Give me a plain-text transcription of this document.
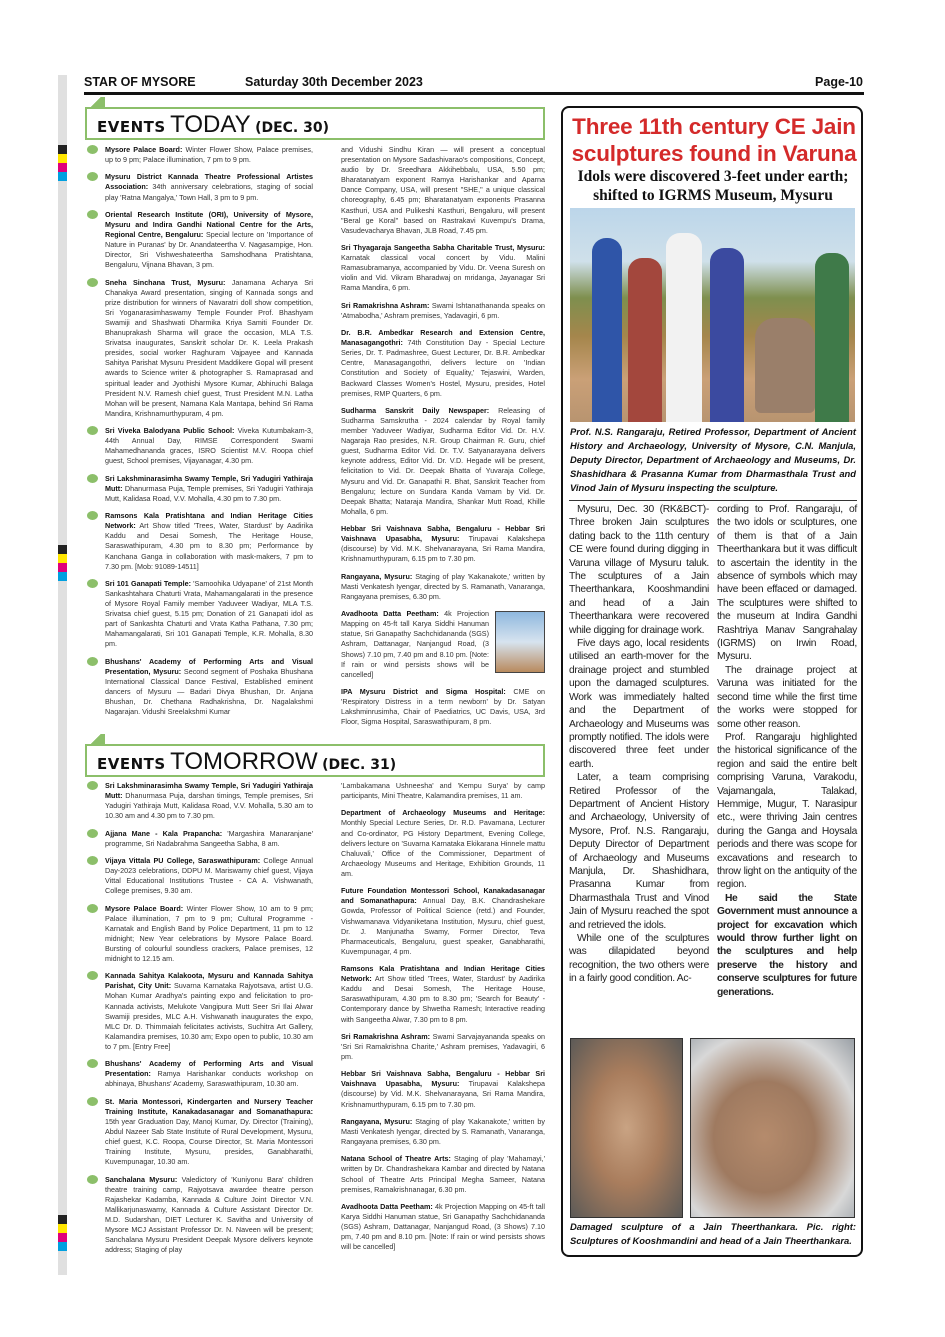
STAR OF MYSORE	Saturday 30th December 2023	Page-10
EVENTS TODAY (DEC. 30)
Mysore Palace Board: Winter Flower Show, Palace premises, up to 9 pm; Palace illumination, 7 pm to 9 pm.
Mysuru District Kannada Theatre Professional Artistes Association: 34th anniversary celebrations, staging of social play 'Ratna Mangalya,' Town Hall, 3 pm to 9 pm.
Oriental Research Institute (ORI), University of Mysore, Mysuru and Indira Gandhi National Centre for the Arts, Regional Centre, Bengaluru: Special lecture on 'Importance of Nature in Puranas' by Dr. Anandateertha V. Nagasampige, Hon. Director, Sri Vishweshateertha Samshodhana Pratishtana, Bengaluru, Vijnana Bhavan, 3 pm.
Sneha Sinchana Trust, Mysuru: Janamana Acharya Sri Chanakya Award presentation, singing of Kannada songs and prize distribution for winners of Navaratri doll show competition, Sri Yoganarasimhaswamy Temple Founder Prof. Bhashyam Swamiji and Shashwati Dharmika Kriya Samiti Founder Dr. Bhanuprakash Sharma will grace the occasion, MLA T.S. Srivatsa inaugurates, Sanskrit scholar Dr. K. Leela Prakash presides, social worker Raghuram Vajpayee and Kannada Sahitya Parishat Mysuru President Maddikere Gopal will present awards to Science writer & photographer S. Ramaprasad and spiritual leader and Jyothishi Mysore Kumar, Abhiruchi Balaga President N.V. Ramesh chief guest, Trust President M.N. Latha Mohan will be present, Namana Kala Mantapa, behind Sri Rama Mandira, Krishnamurthypuram, 4 pm.
Sri Viveka Balodyana Public School: Viveka Kutumbakam-3, 44th Annual Day, RIMSE Correspondent Swami Mahamedhananda graces, ISRO Scientist M.V. Roopa chief guest, School premises, Vijayanagar, 4.30 pm.
Sri Lakshminarasimha Swamy Temple, Sri Yadugiri Yathiraja Mutt: Dhanurmasa Puja, Temple premises, Sri Yadugiri Yathiraja Mutt, Kalidasa Road, V.V. Mohalla, 4.30 pm to 7.30 pm.
Ramsons Kala Pratishtana and Indian Heritage Cities Network: Art Show titled 'Trees, Water, Stardust' by Aadirika Kaddu and Desai Somesh, The Heritage House, Saraswathipuram, 4.30 pm to 8.30 pm; Performance by Kanchana Ganga in collaboration with mask-makers, 7 pm to 7.30 pm. [Mob: 91089-14511]
Sri 101 Ganapati Temple: 'Samoohika Udyapane' of 21st Month Sankashtahara Chaturti Vrata, Mahamangalarati in the presence of Mysore Royal Family member Yaduveer Wadiyar, MLA T.S. Srivatsa chief guest, 5.15 pm; Donation of 21 Ganapati idol as part of Sankashta Chaturti and Vrata Katha Pathana, 7.30 pm; Mahamangalarati, Sri 101 Ganapati Temple, K.R. Mohalla, 8.30 pm.
Bhushans' Academy of Performing Arts and Visual Presentation, Mysuru: Second segment of Poshaka Bhushana International Classical Dance Festival, Established eminent dancers of Mysuru — Badari Divya Bhushan, Dr. Anjana Bhushan, Dr. Chethana Radhakrishna, Dr. Nagalakshmi Nagarajan. Vidushi Sreelakshmi Kumar
and Vidushi Sindhu Kiran — will present a conceptual presentation on Mysore Sadashivarao's compositions, Concept, audio by Dr. Sreedhara Akkihebbalu, USA, 5.50 pm; Bharatanatyam exponent Ramya Harishankar and Aparna Dance Company, USA, will present "SHE," a unique classical choreography, 6.45 pm; Bharatanatyam exponents Prasanna Kasthuri, USA and Pulikeshi Kasthuri, Bengaluru, will present "Beral ge Koral" based on Rastrakavi Kuvempu's Drama, Vasudevacharya Bhavan, JLB Road, 7.45 pm.
Sri Thyagaraja Sangeetha Sabha Charitable Trust, Mysuru: Karnatak classical vocal concert by Vidu. Malini Ramasubramanya, accompanied by Vidu. Dr. Veena Suresh on violin and Vid. Vikram Bharadwaj on mridanga, Jayanagar Sri Rama Mandira, 6 pm.
Sri Ramakrishna Ashram: Swami Ishtanathananda speaks on 'Atmabodha,' Ashram premises, Yadavagiri, 6 pm.
Dr. B.R. Ambedkar Research and Extension Centre, Manasagangothri: 74th Constitution Day - Special Lecture Series, Dr. T. Padmashree, Guest Lecturer, Dr. B.R. Ambedkar Centre, Manasagangothri, delivers lecture on 'Indian Constitution and Society of Equality,' Tejaswini, Warden, Backward Classes Women's Hostel, Mysuru, presides, Hotel premises, RMP Quarters, 6 pm.
Sudharma Sanskrit Daily Newspaper: Releasing of Sudharma Samskrutha - 2024 calendar by Royal family member Yaduveer Wadiyar, Sudharma Editor Vid. Dr. H.V. Nagaraja Rao presides, N.R. Group Chairman R. Guru, chief guest, Sudharma Editor Vid. Dr. T.V. Satyanarayana delivers keynote address, Editor Vid. Dr. V.D. Hegade will be present, felicitation to Vid. Dr. Deepak Bhatta of Yuvaraja College, Mysuru and Vid. Dr. Ganapathi R. Bhat, Sanskrit Teacher from Bengaluru; lecture on Sundara Kanda Varnam by Vid. Dr. Deepak Bhatta; Nataraja Mandira, Shankar Mutt Road, Khille Mohalla, 6 pm.
Hebbar Sri Vaishnava Sabha, Bengaluru - Hebbar Sri Vaishnava Upasabha, Mysuru: Tirupavai Kalakshepa (discourse) by Vid. M.K. Shelvanarayana, Sri Rama Mandira, Krishnamurthypuram, 6.15 pm to 7.30 pm.
Rangayana, Mysuru: Staging of play 'Kakanakote,' written by Masti Venkatesh Iyengar, directed by S. Ramanath, Vanaranga, Rangayana premises, 6.30 pm.
Avadhoota Datta Peetham: 4k Projection Mapping on 45-ft tall Karya Siddhi Hanuman statue, Sri Ganapathy Sachchidananda (SGS) Ashram, Dattanagar, Nanjangud Road, (3 Shows) 7.10 pm, 7.40 pm and 8.10 pm. [Note: If rain or wind persists shows will be cancelled]
IPA Mysuru District and Sigma Hospital: CME on 'Respiratory Distress in a term newborn' by Dr. Satyan Lakshminrusimha, Chair of Paediatrics, UC Davis, USA, 3rd Floor, Sigma Hospital, Saraswathipuram, 8 pm.
EVENTS TOMORROW (DEC. 31)
Sri Lakshminarasimha Swamy Temple, Sri Yadugiri Yathiraja Mutt: Dhanurmasa Puja, darshan timings, Temple premises, Sri Yadugiri Yathiraja Mutt, Kalidasa Road, V.V. Mohalla, 5.30 am to 10.30 am and 4.30 pm to 7.30 pm.
Ajjana Mane - Kala Prapancha: 'Margashira Manaranjane' programme, Sri Nadabrahma Sangeetha Sabha, 8 am.
Vijaya Vittala PU College, Saraswathipuram: College Annual Day-2023 celebrations, DDPU M. Mariswamy chief guest, Vijaya Vittal Educational Institutions Trustee - CA A. Vishwanath, College premises, 9.30 am.
Mysore Palace Board: Winter Flower Show, 10 am to 9 pm; Palace illumination, 7 pm to 9 pm; Cultural Programme - Karnatak and English Band by Police Department, 11 pm to 12 midnight; New Year celebrations by Mysore Palace Board. Bursting of colourful soundless crackers, Palace premises, 12 midnight to 12.15 am.
Kannada Sahitya Kalakoota, Mysuru and Kannada Sahitya Parishat, City Unit: Suvarna Karnataka Rajyotsava, artist U.G. Mohan Kumar Aradhya's painting expo and felicitation to pro-Kannada activists, Melukote Vangipura Mutt Seer Sri Ilai Alwar Swamiji presides, MLC A.H. Vishwanath inaugurates the expo, MLC Dr. D. Thimmaiah felicitates activists, Suchitra Art Gallery, Kalamandira premises, 10.30 am; Expo open to public, 10.30 am to 7 pm. [Entry Free]
Bhushans' Academy of Performing Arts and Visual Presentation: Ramya Harishankar conducts workshop on abhinaya, Bhushans' Academy, Saraswathipuram, 10.30 am.
St. Maria Montessori, Kindergarten and Nursery Teacher Training Institute, Kanakadasanagar and Somanathapura: 15th year Graduation Day, Manoj Kumar, Dy. Director (Training), Abdul Nazeer Sab State Institute of Rural Development, Mysuru, chief guest, K.C. Roopa, Course Director, St. Maria Montessori Training Institute, Mysuru, presides, Ganabharathi, Kuvempunagar, 10.30 am.
Sanchalana Mysuru: Valedictory of 'Kuniyonu Bara' children theatre training camp, Rajyotsava awardee theatre person Rajashekar Kadamba, Kannada & Culture Joint Director V.N. Mallikarjunaswamy, Kannada & Culture Assistant Director Dr. M.D. Sudarshan, DIET Lecturer K. Savitha and University of Mysore MCJ Assistant Professor Dr. N. Naveen will be present; Sanchalana Mysuru President Deepak Mysore delivers keynote address; Staging of play
'Lambakamana Ushneesha' and 'Kempu Surya' by camp participants, Mini Theatre, Kalamandira premises, 11 am.
Department of Archaeology Museums and Heritage: Monthly Special Lecture Series, Dr. R.D. Pavamana, Lecturer and Co-ordinator, PG History Department, Evening College, delivers lecture on 'Suvarna Karnataka Ekikarana Hinnele mattu Chaluvali,' Office of the Commissioner, Department of Archaeology Museums and Heritage, Exhibition Grounds, 11 am.
Future Foundation Montessori School, Kanakadasanagar and Somanathapura: Annual Day, B.K. Chandrashekare Gowda, Professor of Political Science (retd.) and Founder, Vishwamanava Vidyaniketana Institution, Mysuru, chief guest, Dr. J. Manjunatha Swamy, Former Director, Teva Pharmaceuticals, Bengaluru, guest speaker, Ganabharathi, Kuvempunagar, 4 pm.
Ramsons Kala Pratishtana and Indian Heritage Cities Network: Art Show titled 'Trees, Water, Stardust' by Aadirika Kaddu and Desai Somesh, The Heritage House, Saraswathipuram, 4.30 pm to 8.30 pm; 'Search for Beauty' - Contemporary dance by Shwetha Ramesh; Interactive reading with Sangeetha Alwar, 7.30 pm to 8 pm.
Sri Ramakrishna Ashram: Swami Sarvajayananda speaks on 'Sri Sri Ramakrishna Charite,' Ashram premises, Yadavagiri, 6 pm.
Hebbar Sri Vaishnava Sabha, Bengaluru - Hebbar Sri Vaishnava Upasabha, Mysuru: Tirupavai Kalakshepa (discourse) by Vid. M.K. Shelvanarayana, Sri Rama Mandira, Krishnamurthypuram, 6.15 pm to 7.30 pm.
Rangayana, Mysuru: Staging of play 'Kakanakote,' written by Masti Venkatesh Iyengar, directed by S. Ramanath, Vanaranga, Rangayana premises, 6.30 pm.
Natana School of Theatre Arts: Staging of play 'Mahamayi,' written by Dr. Chandrashekara Kambar and directed by Natana School of Theatre Arts Principal Megha Sameer, Natana premises, Ramakrishnanagar, 6.30 pm.
Avadhoota Datta Peetham: 4k Projection Mapping on 45-ft tall Karya Siddhi Hanuman statue, Sri Ganapathy Sachchidananda (SGS) Ashram, Dattanagar, Nanjangud Road, (3 Shows) 7.10 pm, 7.40 pm and 8.10 pm. [Note: If rain or wind persists shows will be cancelled]
Three 11th century CE Jain sculptures found in Varuna
Idols were discovered 3-feet under earth; shifted to IGRMS Museum, Mysuru
Prof. N.S. Rangaraju, Retired Professor, Department of Ancient History and Archaeology, University of Mysore, C.N. Manjula, Deputy Director, Department of Archaeology and Museums, Dr. Shashidhara & Prasanna Kumar from Dharmasthala Trust and Vinod Jain of Mysuru inspecting the sculpture.

Mysuru, Dec. 30 (RK&BCT)- Three broken Jain sculptures dating back to the 11th century CE were found during digging in Varuna village of Mysuru taluk. The sculptures of a Jain Theerthankara, Kooshmandini and head of a Jain Theerthankara were recovered while digging for drainage work.

Five days ago, local residents utilised an earth-mover for the drainage project and stumbled upon the damaged sculptures. Work was immediately halted and the Department of Archaeology and Museums was promptly notified. The idols were discovered three feet under earth.

Later, a team comprising Retired Professor of the Department of Ancient History and Archaeology, University of Mysore, Prof. N.S. Rangaraju, Deputy Director of Department of Archaeology and Museums Manjula, Dr. Shashidhara, Prasanna Kumar from Dharmasthala Trust and Vinod Jain of Mysuru reached the spot and retrieved the idols.

While one of the sculptures was dilapidated beyond recognition, the two others were in a fairly good condition. Ac-

cording to Prof. Rangaraju, of the two idols or sculptures, one of them is that of a Jain Theerthankara but it was difficult to ascertain the identity in the absence of symbols which may have been effaced or damaged. The sculptures were shifted to the museum at Indira Gandhi Rashtriya Manav Sangrahalay (IGRMS) on Irwin Road, Mysuru.

The drainage project at Varuna was initiated for the second time while the first time the works were stopped for some other reason.

Prof. Rangaraju highlighted the historical significance of the region and said the entire belt comprising Varuna, Varakodu, Vajamangala, Talakad, Hemmige, Mugur, T. Narasipur etc., were thriving Jain centres during the Ganga and Hoysala periods and there was scope for excavations and research to throw light on the antiquity of the region.

He said the State Government must announce a project for excavation which would throw further light on the sculptures and help preserve the history and conserve sculptures for future generations.

Damaged sculpture of a Jain Theerthankara. Pic. right: Sculptures of Kooshmandini and head of a Jain Theerthankara.
